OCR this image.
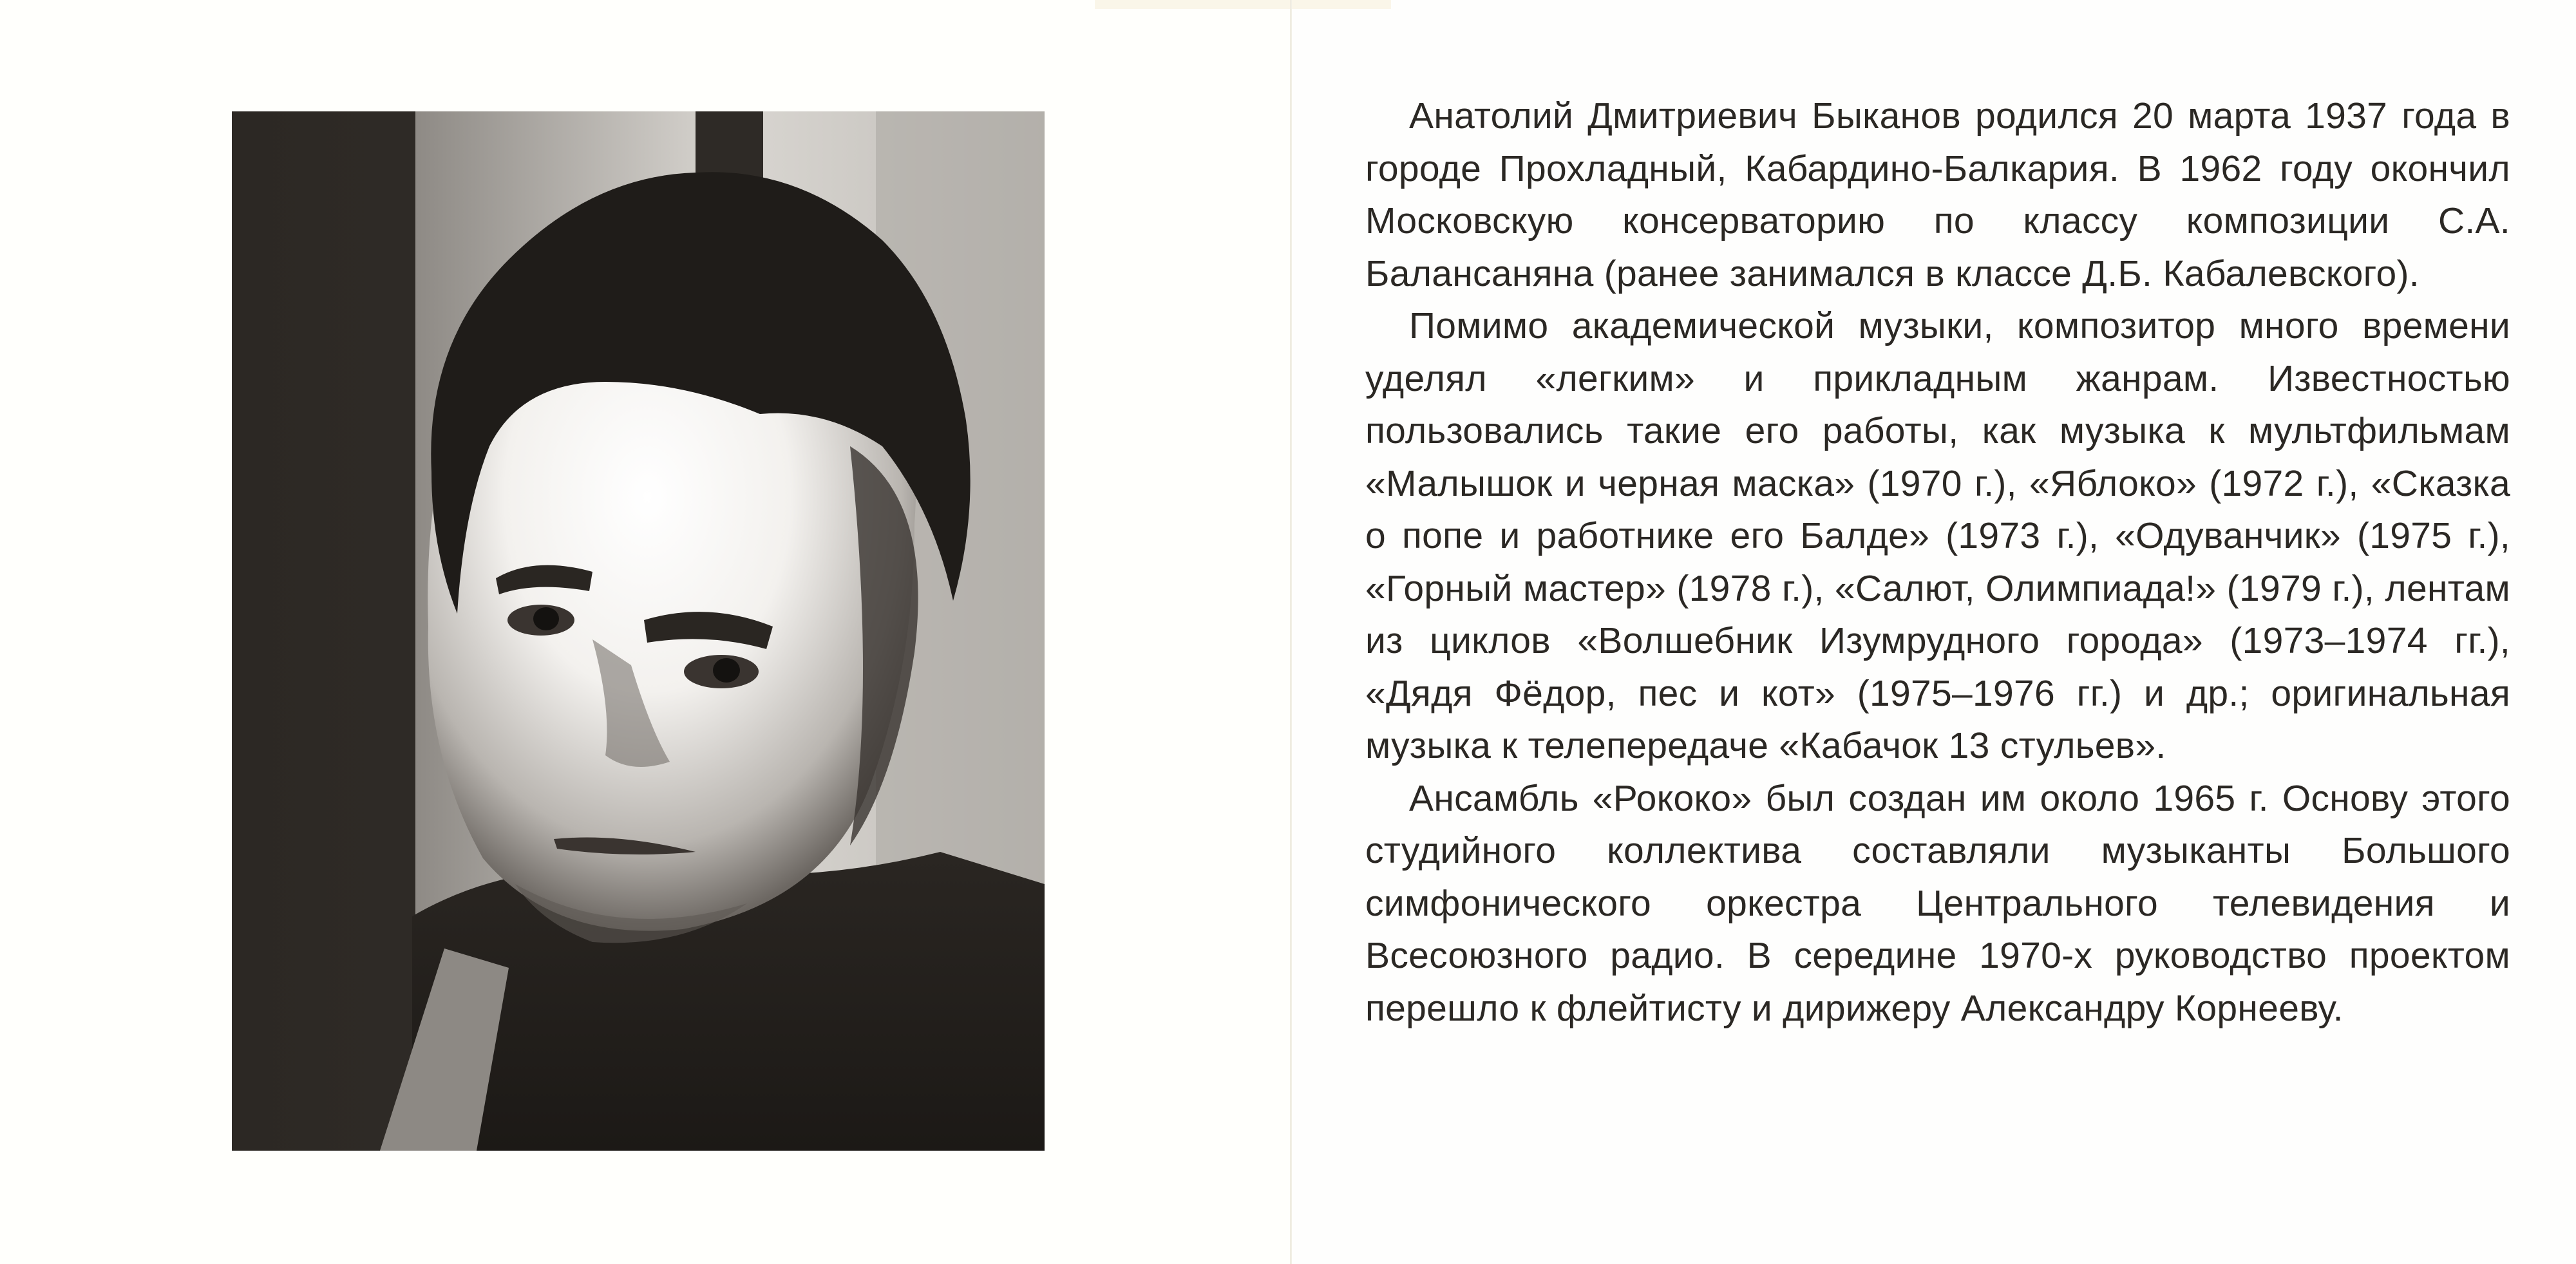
Анатолий Дмитриевич Быканов родился 20 марта 1937 года в городе Прохладный, Кабардино-Балкария. В 1962 году окончил Московскую консерваторию по классу композиции С.А. Балансаняна (ранее занимался в классе Д.Б. Кабалевского).

Помимо академической музыки, композитор много времени уделял «легким» и прикладным жанрам. Известностью пользовались такие его работы, как музыка к мультфильмам «Малышок и черная маска» (1970 г.), «Яблоко» (1972 г.), «Сказка о попе и работнике его Балде» (1973 г.), «Одуванчик» (1975 г.), «Горный мастер» (1978 г.), «Салют, Олимпиада!» (1979 г.), лентам из циклов «Волшебник Изумрудного города» (1973–1974 гг.), «Дядя Фёдор, пес и кот» (1975–1976 гг.) и др.; оригинальная музыка к телепередаче «Кабачок 13 стульев».

Ансамбль «Рококо» был создан им около 1965 г. Основу этого студийного коллектива составляли музыканты Большого симфонического оркестра Центрального телевидения и Всесоюзного радио. В середине 1970-х руководство проектом перешло к флейтисту и дирижеру Александру Корнееву.
